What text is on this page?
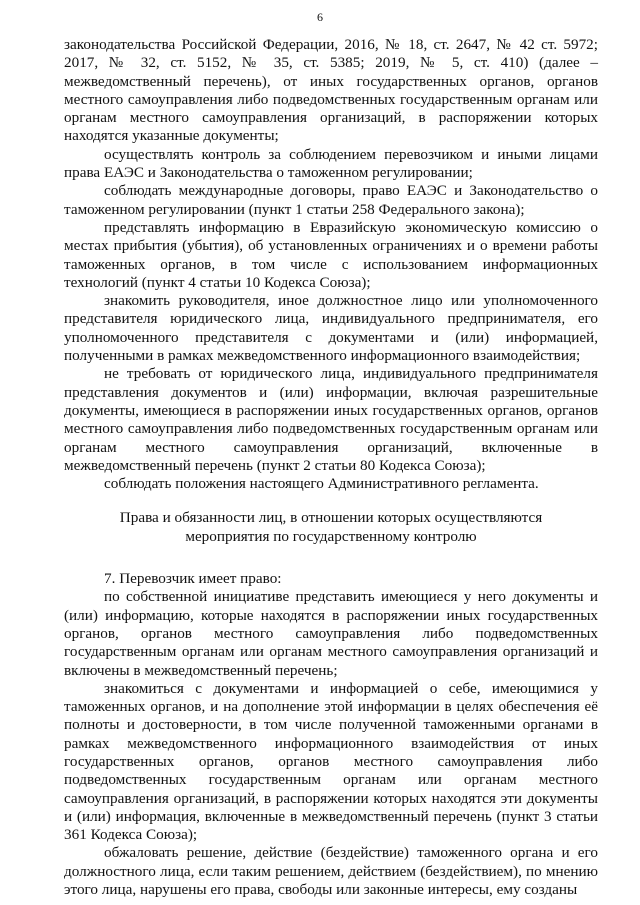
6

законодательства Российской Федерации, 2016, № 18, ст. 2647, № 42 ст. 5972; 2017, № 32, ст. 5152, № 35, ст. 5385; 2019, № 5, ст. 410) (далее – межведомственный перечень), от иных государственных органов, органов местного самоуправления либо подведомственных государственным органам или органам местного самоуправления организаций, в распоряжении которых находятся указанные документы;

осуществлять контроль за соблюдением перевозчиком и иными лицами права ЕАЭС и Законодательства о таможенном регулировании;

соблюдать международные договоры, право ЕАЭС и Законодательство о таможенном регулировании (пункт 1 статьи 258 Федерального закона);

представлять информацию в Евразийскую экономическую комиссию о местах прибытия (убытия), об установленных ограничениях и о времени работы таможенных органов, в том числе с использованием информационных технологий (пункт 4 статьи 10 Кодекса Союза);

знакомить руководителя, иное должностное лицо или уполномоченного представителя юридического лица, индивидуального предпринимателя, его уполномоченного представителя с документами и (или) информацией, полученными в рамках межведомственного информационного взаимодействия;

не требовать от юридического лица, индивидуального предпринимателя представления документов и (или) информации, включая разрешительные документы, имеющиеся в распоряжении иных государственных органов, органов местного самоуправления либо подведомственных государственным органам или органам местного самоуправления организаций, включенные в межведомственный перечень (пункт 2 статьи 80 Кодекса Союза);

соблюдать положения настоящего Административного регламента.

Права и обязанности лиц, в отношении которых осуществляются
мероприятия по государственному контролю

7. Перевозчик имеет право:

по собственной инициативе представить имеющиеся у него документы и (или) информацию, которые находятся в распоряжении иных государственных органов, органов местного самоуправления либо подведомственных государственным органам или органам местного самоуправления организаций и включены в межведомственный перечень;

знакомиться с документами и информацией о себе, имеющимися у таможенных органов, и на дополнение этой информации в целях обеспечения её полноты и достоверности, в том числе полученной таможенными органами в рамках межведомственного информационного взаимодействия от иных государственных органов, органов местного самоуправления либо подведомственных государственным органам или органам местного самоуправления организаций, в распоряжении которых находятся эти документы и (или) информация, включенные в межведомственный перечень (пункт 3 статьи 361 Кодекса Союза);

обжаловать решение, действие (бездействие) таможенного органа и его должностного лица, если таким решением, действием (бездействием), по мнению этого лица, нарушены его права, свободы или законные интересы, ему созданы
